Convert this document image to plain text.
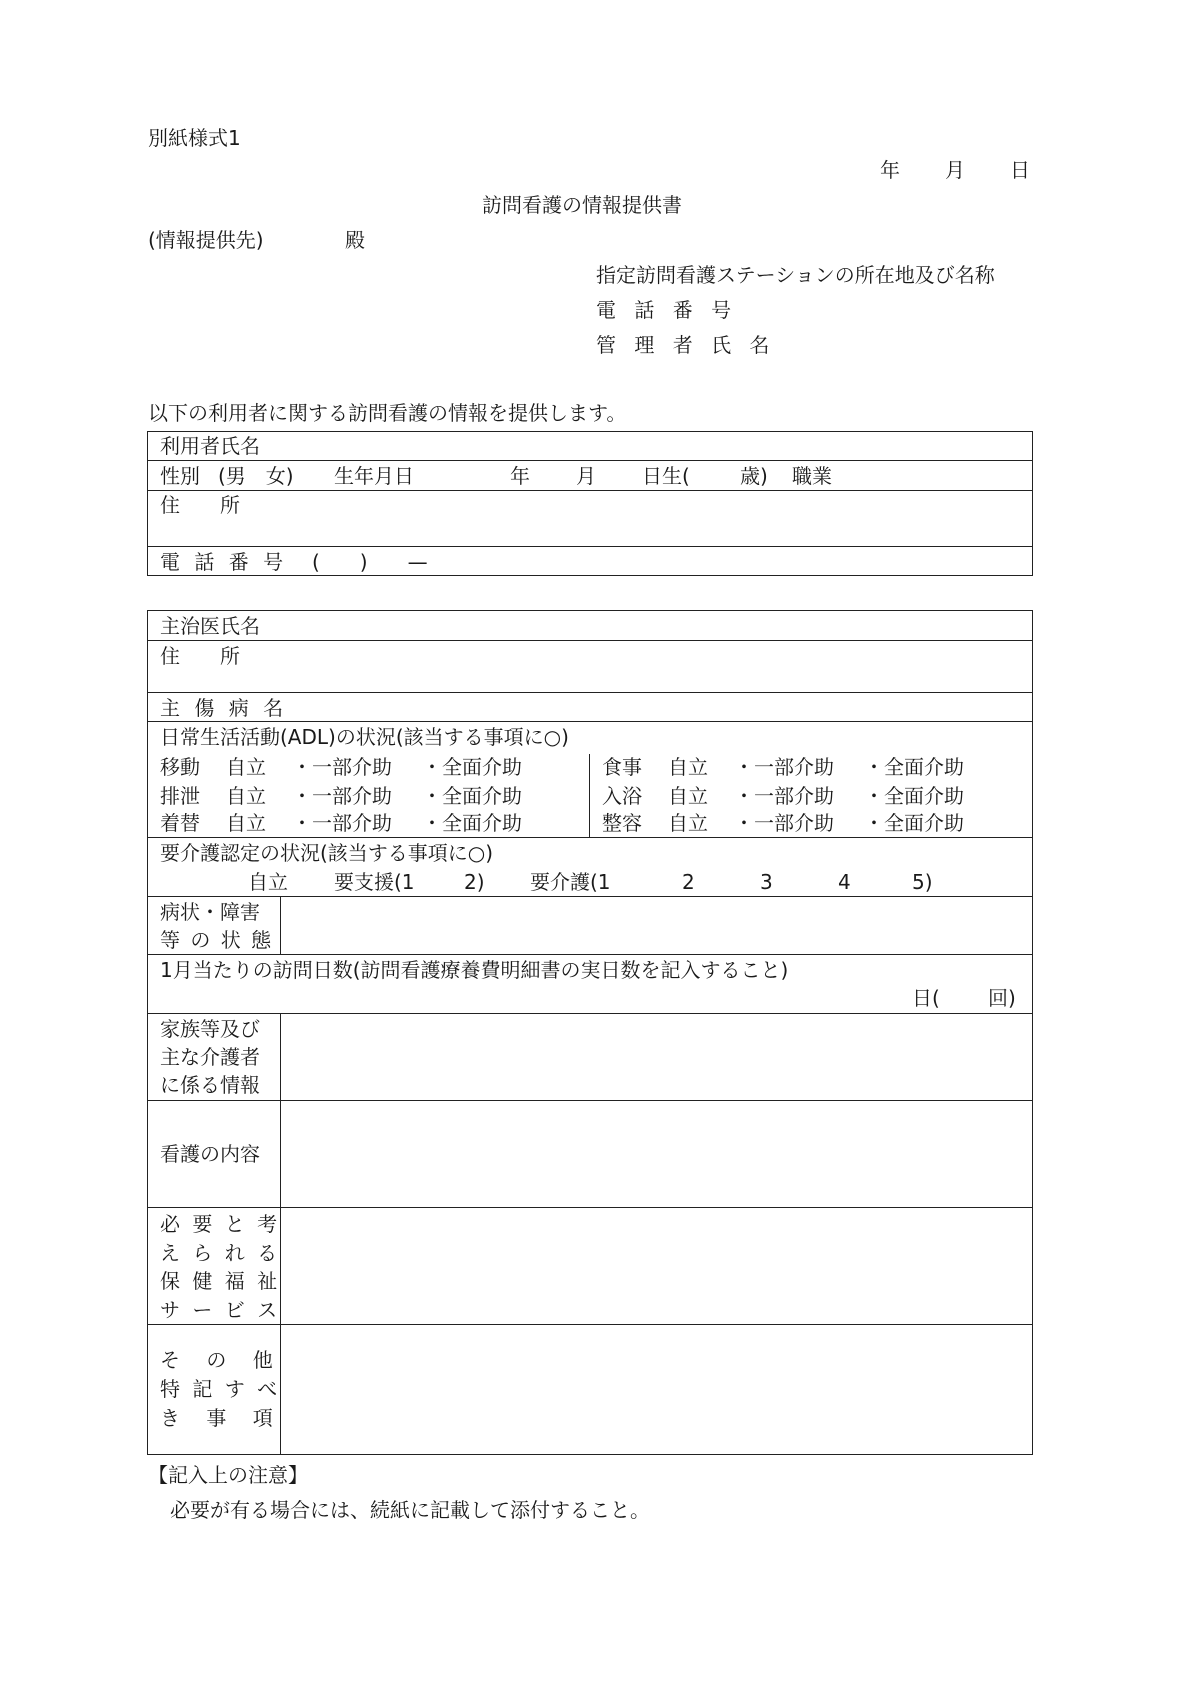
別紙様式1
年 月 日
訪問看護の情報提供書
(情報提供先)	殿
指定訪問看護ステーションの所在地及び名称
電 話 番 号
管 理 者 氏 名
以下の利用者に関する訪問看護の情報を提供します。
利用者氏名
性別 (男　女) 生年月日	年 月 日生(	歳) 職業
住　　所
電 話 番 号 (　　)　　—
主治医氏名
住　　所
主 傷 病 名
日常生活活動(ADL)の状況(該当する事項に○)
移動 自立 ・一部介助 ・全面介助
排泄 自立 ・一部介助 ・全面介助
着替 自立 ・一部介助 ・全面介助
食事 自立 ・一部介助 ・全面介助
入浴 自立 ・一部介助 ・全面介助
整容 自立 ・一部介助 ・全面介助
要介護認定の状況(該当する事項に○)
自立 要支援(1 2) 要介護(1	2	3	4	5)
病状・障害
等 の 状 態
1月当たりの訪問日数(訪問看護療養費明細書の実日数を記入すること)
日( 回)
家族等及び
主な介護者
に係る情報
看護の内容
必 要 と 考
え ら れ る
保 健 福 祉
サ ー ビ ス
そ の 他
特 記 す べ
き 事 項
【記入上の注意】
必要が有る場合には、続紙に記載して添付すること。
